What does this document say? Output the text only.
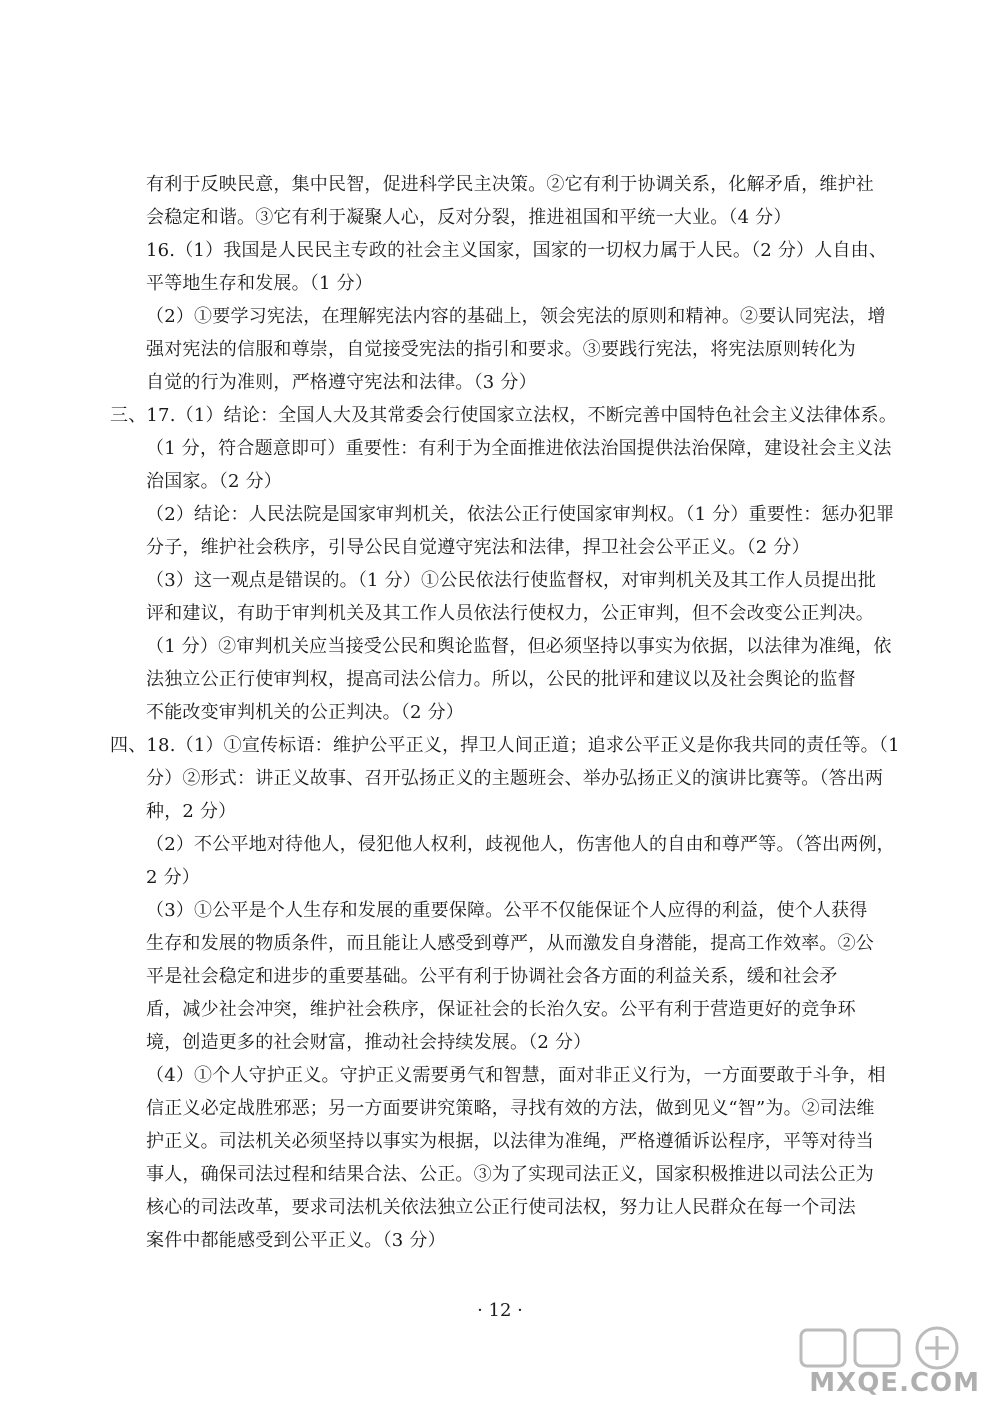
有利于反映民意，集中民智，促进科学民主决策。②它有利于协调关系，化解矛盾，维护社
会稳定和谐。③它有利于凝聚人心，反对分裂，推进祖国和平统一大业。（4 分）
16.（1）我国是人民民主专政的社会主义国家，国家的一切权力属于人民。（2 分）人自由、
平等地生存和发展。（1 分）
（2）①要学习宪法，在理解宪法内容的基础上，领会宪法的原则和精神。②要认同宪法，增
强对宪法的信服和尊崇，自觉接受宪法的指引和要求。③要践行宪法，将宪法原则转化为
自觉的行为准则，严格遵守宪法和法律。（3 分）
三、17.（1）结论：全国人大及其常委会行使国家立法权，不断完善中国特色社会主义法律体系。
（1 分，符合题意即可）重要性：有利于为全面推进依法治国提供法治保障，建设社会主义法
治国家。（2 分）
（2）结论：人民法院是国家审判机关，依法公正行使国家审判权。（1 分）重要性：惩办犯罪
分子，维护社会秩序，引导公民自觉遵守宪法和法律，捍卫社会公平正义。（2 分）
（3）这一观点是错误的。（1 分）①公民依法行使监督权，对审判机关及其工作人员提出批
评和建议，有助于审判机关及其工作人员依法行使权力，公正审判，但不会改变公正判决。
（1 分）②审判机关应当接受公民和舆论监督，但必须坚持以事实为依据，以法律为准绳，依
法独立公正行使审判权，提高司法公信力。所以，公民的批评和建议以及社会舆论的监督
不能改变审判机关的公正判决。（2 分）
四、18.（1）①宣传标语：维护公平正义，捍卫人间正道；追求公平正义是你我共同的责任等。（1
分）②形式：讲正义故事、召开弘扬正义的主题班会、举办弘扬正义的演讲比赛等。（答出两
种，2 分）
（2）不公平地对待他人，侵犯他人权利，歧视他人，伤害他人的自由和尊严等。（答出两例，
2 分）
（3）①公平是个人生存和发展的重要保障。公平不仅能保证个人应得的利益，使个人获得
生存和发展的物质条件，而且能让人感受到尊严，从而激发自身潜能，提高工作效率。②公
平是社会稳定和进步的重要基础。公平有利于协调社会各方面的利益关系，缓和社会矛
盾，减少社会冲突，维护社会秩序，保证社会的长治久安。公平有利于营造更好的竞争环
境，创造更多的社会财富，推动社会持续发展。（2 分）
（4）①个人守护正义。守护正义需要勇气和智慧，面对非正义行为，一方面要敢于斗争，相
信正义必定战胜邪恶；另一方面要讲究策略，寻找有效的方法，做到见义“智”为。②司法维
护正义。司法机关必须坚持以事实为根据，以法律为准绳，严格遵循诉讼程序，平等对待当
事人，确保司法过程和结果合法、公正。③为了实现司法正义，国家积极推进以司法公正为
核心的司法改革，要求司法机关依法独立公正行使司法权，努力让人民群众在每一个司法
案件中都能感受到公平正义。（3 分）
· 12 ·
MXQE.COM
